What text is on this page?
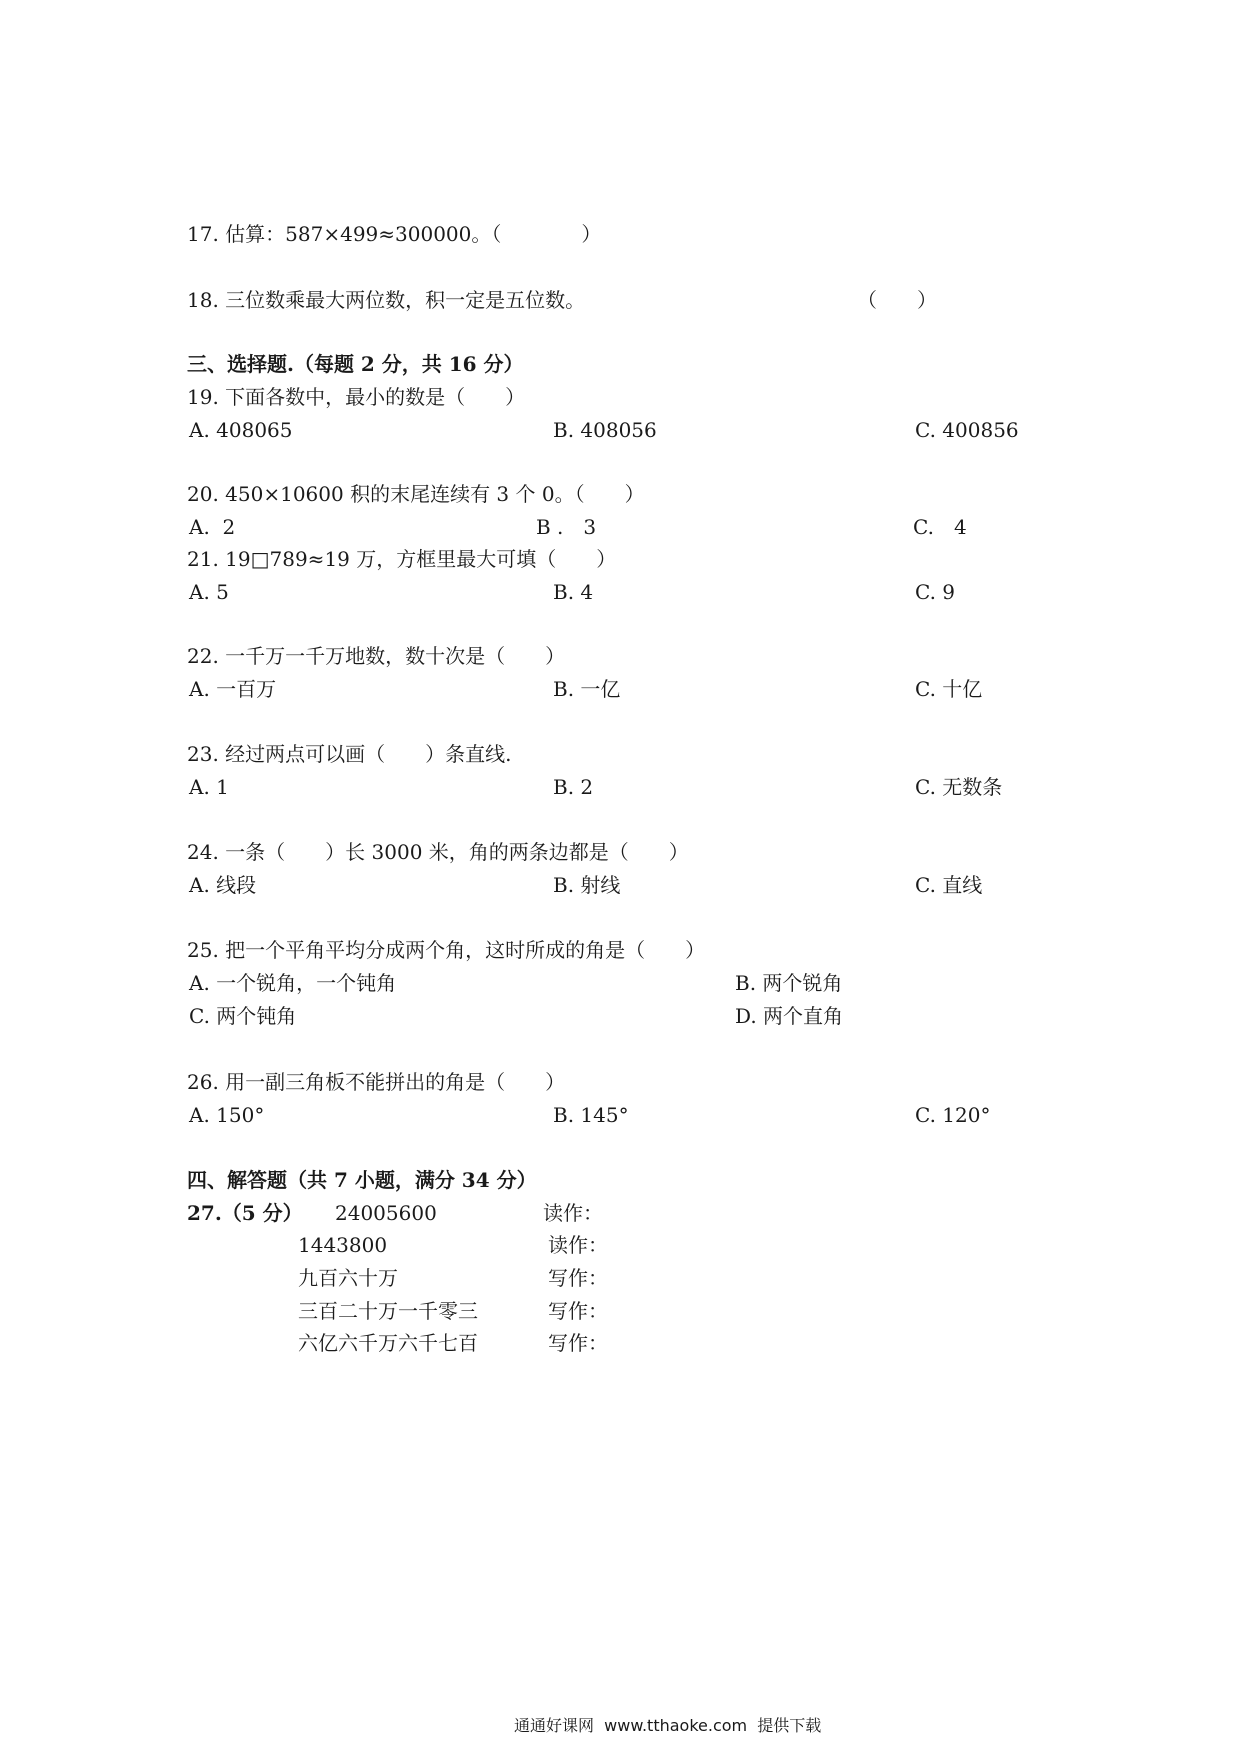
17. 估算：587×499≈300000。（　　　　）
18. 三位数乘最大两位数，积一定是五位数。	（　　）
三、选择题.（每题 2 分，共 16 分）
19. 下面各数中，最小的数是（　　）
A. 408065	B. 408056	C. 400856
20. 450×10600 积的末尾连续有 3 个 0。（　　）
A.  2	B .　3	C.　4
21. 19□789≈19 万，方框里最大可填（　　）
A. 5	B. 4	C. 9
22. 一千万一千万地数，数十次是（　　）
A. 一百万	B. 一亿	C. 十亿
23. 经过两点可以画（　　）条直线.
A. 1	B. 2	C. 无数条
24. 一条（　　）长 3000 米，角的两条边都是（　　）
A. 线段	B. 射线	C. 直线
25. 把一个平角平均分成两个角，这时所成的角是（　　）
A. 一个锐角，一个钝角	B. 两个锐角
C. 两个钝角	D. 两个直角
26. 用一副三角板不能拼出的角是（　　）
A. 150°	B. 145°	C. 120°
四、解答题（共 7 小题，满分 34 分）
27.（5 分） 24005600	读作：
1443800	读作：
九百六十万	写作：
三百二十万一千零三	写作：
六亿六千万六千七百	写作：
通通好课网  www.tthaoke.com  提供下载
